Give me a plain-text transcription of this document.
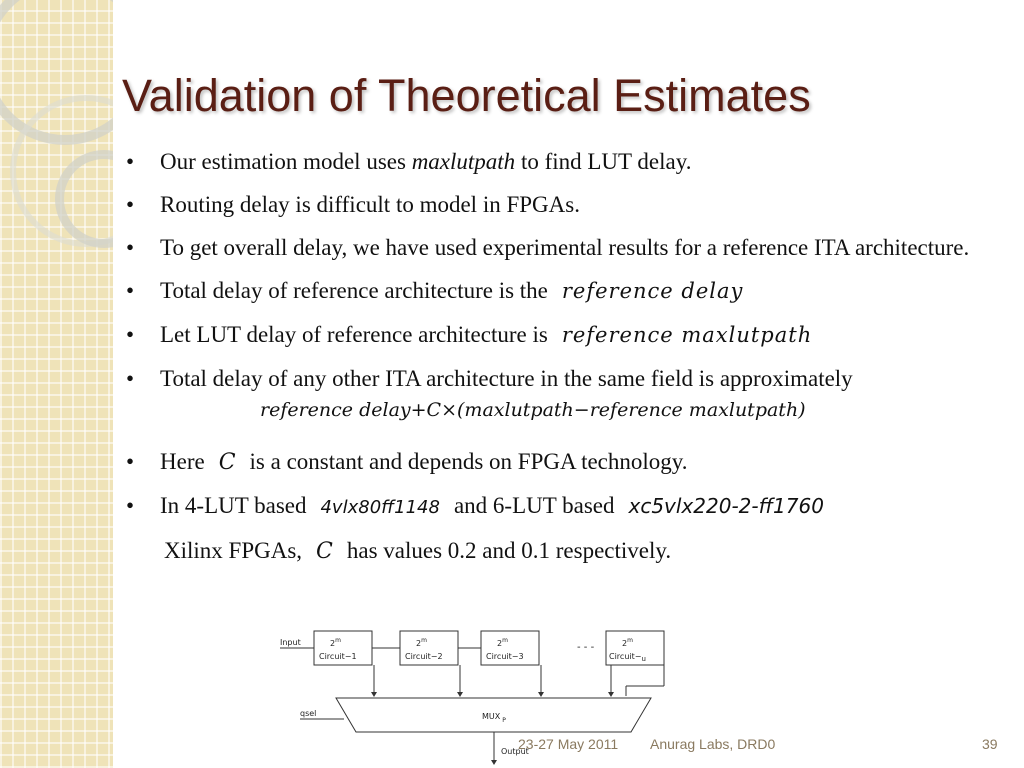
Validation of Theoretical Estimates
• Our estimation model uses maxlutpath to find LUT delay.
• Routing delay is difficult to model in FPGAs.
• To get overall delay, we have used experimental results for a reference ITA architecture.
• Total delay of reference architecture is the reference delay
• Let LUT delay of reference architecture is reference maxlutpath
• Total delay of any other ITA architecture in the same field is approximately
reference delay+C×(maxlutpath−reference maxlutpath)
• Here C is a constant and depends on FPGA technology.
• In 4-LUT based 4vlx80ff1148 and 6-LUT based xc5vlx220-2-ff1760
Xilinx FPGAs, C has values 0.2 and 0.1 respectively.
Input	2$^m$
Circuit−1
2$^m$
Circuit−2
2$^m$
Circuit−3
- - -	2$^m$
Circuit−u
MUX $_P$
qsel
Output
23-27 May 2011 Anurag Labs, DRD0	39
